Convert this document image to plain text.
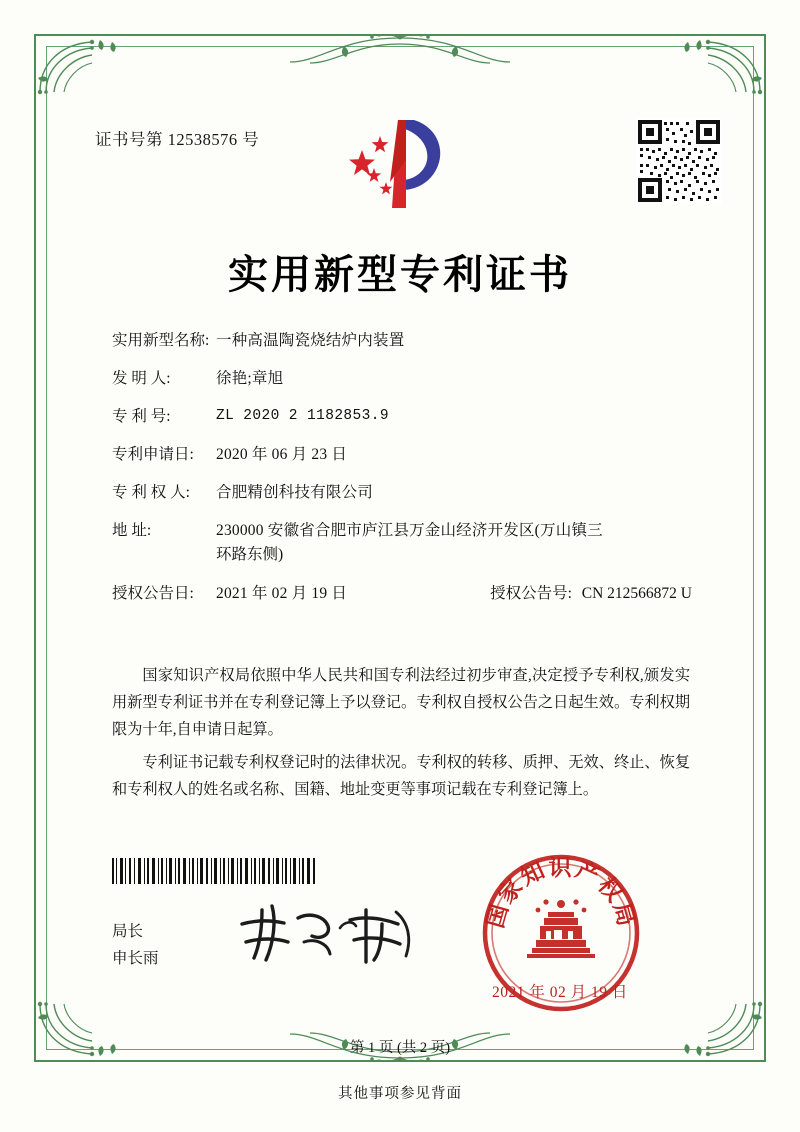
证书号第 12538576 号
实用新型专利证书
实用新型名称: 一种高温陶瓷烧结炉内装置
发 明 人:	徐艳;章旭
专 利 号:	ZL 2020 2 1182853.9
专利申请日:	2020 年 06 月 23 日
专 利 权 人:	合肥精创科技有限公司
地 址:	230000 安徽省合肥市庐江县万金山经济开发区(万山镇三
环路东侧)
授权公告日:	2021 年 02 月 19 日	授权公告号: CN 212566872 U

国家知识产权局依照中华人民共和国专利法经过初步审查,决定授予专利权,颁发实用新型专利证书并在专利登记簿上予以登记。专利权自授权公告之日起生效。专利权期限为十年,自申请日起算。

专利证书记载专利权登记时的法律状况。专利权的转移、质押、无效、终止、恢复和专利权人的姓名或名称、国籍、地址变更等事项记载在专利登记簿上。

局长
申长雨
国家知识产权局
2021 年 02 月 19 日
第 1 页 (共 2 页)
其他事项参见背面
